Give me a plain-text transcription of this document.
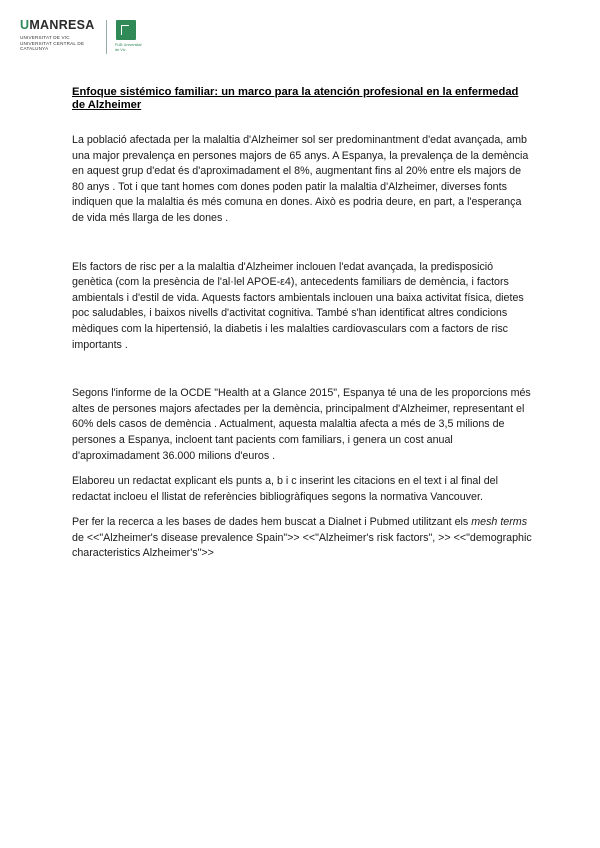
UMANRESA
UNIVERSITAT DE VIC UNIVERSITAT CENTRAL DE CATALUNYA
FUB Universitat de Vic

Enfoque sistémico familiar: un marco para la atención profesional en la enfermedad de Alzheimer

La població afectada per la malaltia d'Alzheimer sol ser predominantment d'edat avançada, amb una major prevalença en persones majors de 65 anys. A Espanya, la prevalença de la demència en aquest grup d'edat és d'aproximadament el 8%, augmentant fins al 20% entre els majors de 80 anys . Tot i que tant homes com dones poden patir la malaltia d'Alzheimer, diverses fonts indiquen que la malaltia és més comuna en dones. Això es podria deure, en part, a l'esperança de vida més llarga de les dones .

Els factors de risc per a la malaltia d'Alzheimer inclouen l'edat avançada, la predisposició genètica (com la presència de l'al·lel APOE-ε4), antecedents familiars de demència, i factors ambientals i d'estil de vida. Aquests factors ambientals inclouen una baixa activitat física, dietes poc saludables, i baixos nivells d'activitat cognitiva. També s'han identificat altres condicions mèdiques com la hipertensió, la diabetis i les malalties cardiovasculars com a factors de risc importants .

Segons l'informe de la OCDE "Health at a Glance 2015", Espanya té una de les proporcions més altes de persones majors afectades per la demència, principalment d'Alzheimer, representant el 60% dels casos de demència . Actualment, aquesta malaltia afecta a més de 3,5 milions de persones a Espanya, incloent tant pacients com familiars, i genera un cost anual d'aproximadament 36.000 milions d'euros .

Elaboreu un redactat explicant els punts a, b i c inserint les citacions en el text i al final del redactat incloeu el llistat de referències bibliogràfiques segons la normativa Vancouver.

Per fer la recerca a les bases de dades hem buscat a Dialnet i Pubmed utilitzant els mesh terms de <<"Alzheimer's disease prevalence Spain">> <<"Alzheimer's risk factors", >> <<"demographic characteristics Alzheimer's">>
